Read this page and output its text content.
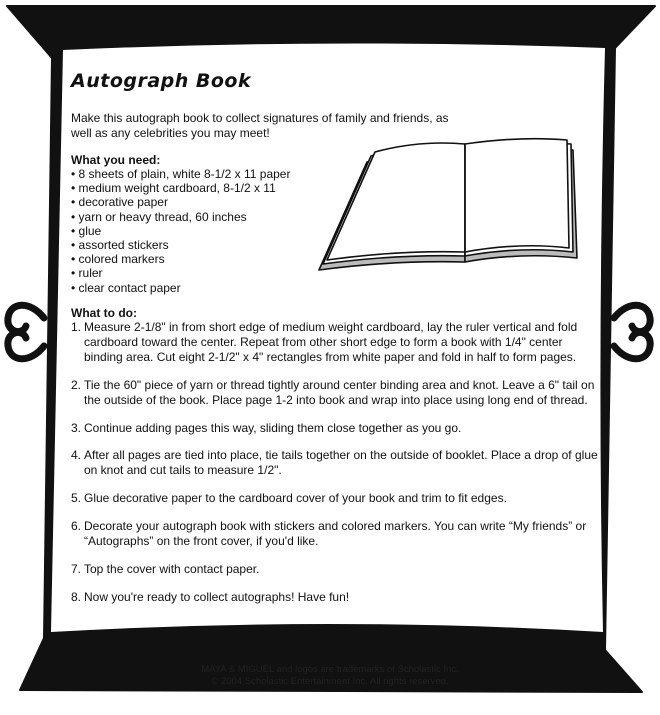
Autograph Book
Make this autograph book to collect signatures of family and friends, as well as any celebrities you may meet!
What you need:
• 8 sheets of plain, white 8-1/2 x 11 paper
• medium weight cardboard, 8-1/2 x 11
• decorative paper
• yarn or heavy thread, 60 inches
• glue
• assorted stickers
• colored markers
• ruler
• clear contact paper
What to do:
1. Measure 2-1/8" in from short edge of medium weight cardboard, lay the ruler vertical and fold cardboard toward the center. Repeat from other short edge to form a book with 1/4" center binding area. Cut eight 2-1/2" x 4" rectangles from white paper and fold in half to form pages.
2. Tie the 60" piece of yarn or thread tightly around center binding area and knot. Leave a 6" tail on the outside of the book. Place page 1-2 into book and wrap into place using long end of thread.
3. Continue adding pages this way, sliding them close together as you go.
4. After all pages are tied into place, tie tails together on the outside of booklet. Place a drop of glue on knot and cut tails to measure 1/2".
5. Glue decorative paper to the cardboard cover of your book and trim to fit edges.
6. Decorate your autograph book with stickers and colored markers. You can write “My friends” or “Autographs” on the front cover, if you'd like.
7. Top the cover with contact paper.
8. Now you're ready to collect autographs! Have fun!
MAYA & MIGUEL and logos are trademarks of Scholastic Inc.
© 2004 Scholastic Entertainment Inc. All rights reserved.
